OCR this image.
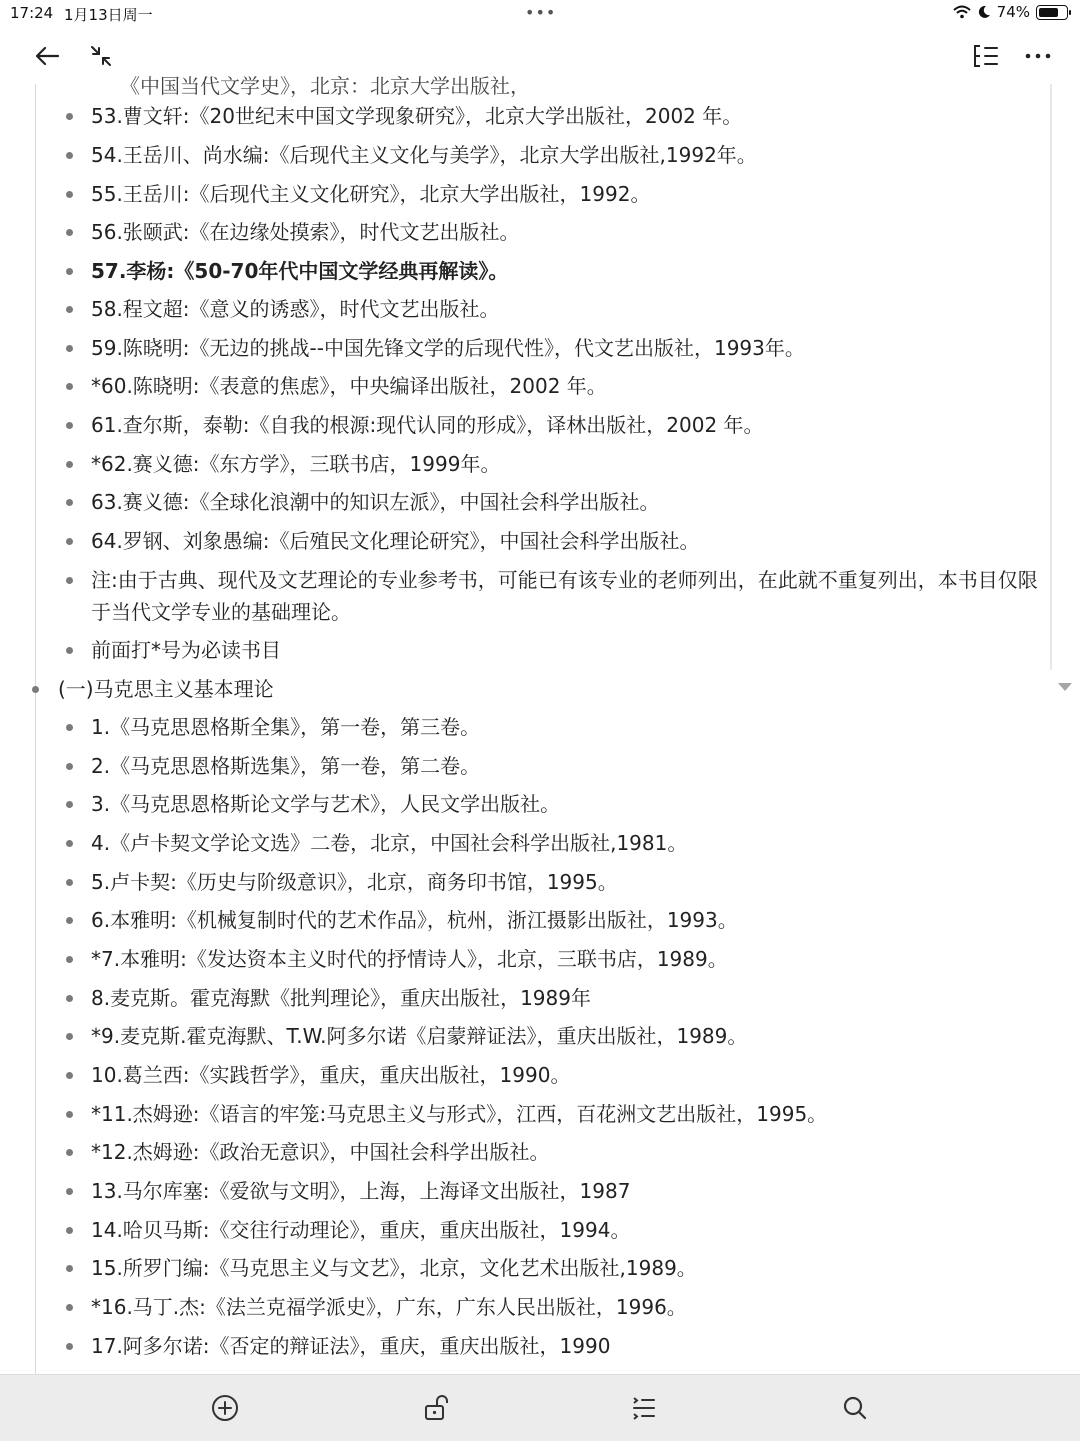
17:24 1月13日周一	•••	74%
《中国当代文学史》，北京：北京大学出版社，
53.曹文轩:《20世纪末中国文学现象研究》，北京大学出版社，2002 年。
54.王岳川、尚水编:《后现代主义文化与美学》，北京大学出版社,1992年。
55.王岳川:《后现代主义文化研究》，北京大学出版社，1992。
56.张颐武:《在边缘处摸索》，时代文艺出版社。
57.李杨:《50-70年代中国文学经典再解读》。
58.程文超:《意义的诱惑》，时代文艺出版社。
59.陈晓明:《无边的挑战--中国先锋文学的后现代性》，代文艺出版社，1993年。
*60.陈晓明:《表意的焦虑》，中央编译出版社，2002 年。
61.查尔斯，泰勒:《自我的根源:现代认同的形成》，译林出版社，2002 年。
*62.赛义德:《东方学》，三联书店，1999年。
63.赛义德:《全球化浪潮中的知识左派》，中国社会科学出版社。
64.罗钢、刘象愚编:《后殖民文化理论研究》，中国社会科学出版社。
注:由于古典、现代及文艺理论的专业参考书，可能已有该专业的老师列出，在此就不重复列出，本书目仅限于当代文学专业的基础理论。
前面打*号为必读书目
(一)马克思主义基本理论
1.《马克思恩格斯全集》，第一卷，第三卷。
2.《马克思恩格斯选集》，第一卷，第二卷。
3.《马克思恩格斯论文学与艺术》，人民文学出版社。
4.《卢卡契文学论文选》二卷，北京，中国社会科学出版社,1981。
5.卢卡契:《历史与阶级意识》，北京，商务印书馆，1995。
6.本雅明:《机械复制时代的艺术作品》，杭州，浙江摄影出版社，1993。
*7.本雅明:《发达资本主义时代的抒情诗人》，北京，三联书店，1989。
8.麦克斯。霍克海默《批判理论》，重庆出版社，1989年
*9.麦克斯.霍克海默、T.W.阿多尔诺《启蒙辩证法》，重庆出版社，1989。
10.葛兰西:《实践哲学》，重庆，重庆出版社，1990。
*11.杰姆逊:《语言的牢笼:马克思主义与形式》，江西，百花洲文艺出版社，1995。
*12.杰姆逊:《政治无意识》，中国社会科学出版社。
13.马尔库塞:《爱欲与文明》，上海，上海译文出版社，1987
14.哈贝马斯:《交往行动理论》，重庆，重庆出版社，1994。
15.所罗门编:《马克思主义与文艺》，北京，文化艺术出版社,1989。
*16.马丁.杰:《法兰克福学派史》，广东，广东人民出版社，1996。
17.阿多尔诺:《否定的辩证法》，重庆，重庆出版社，1990
